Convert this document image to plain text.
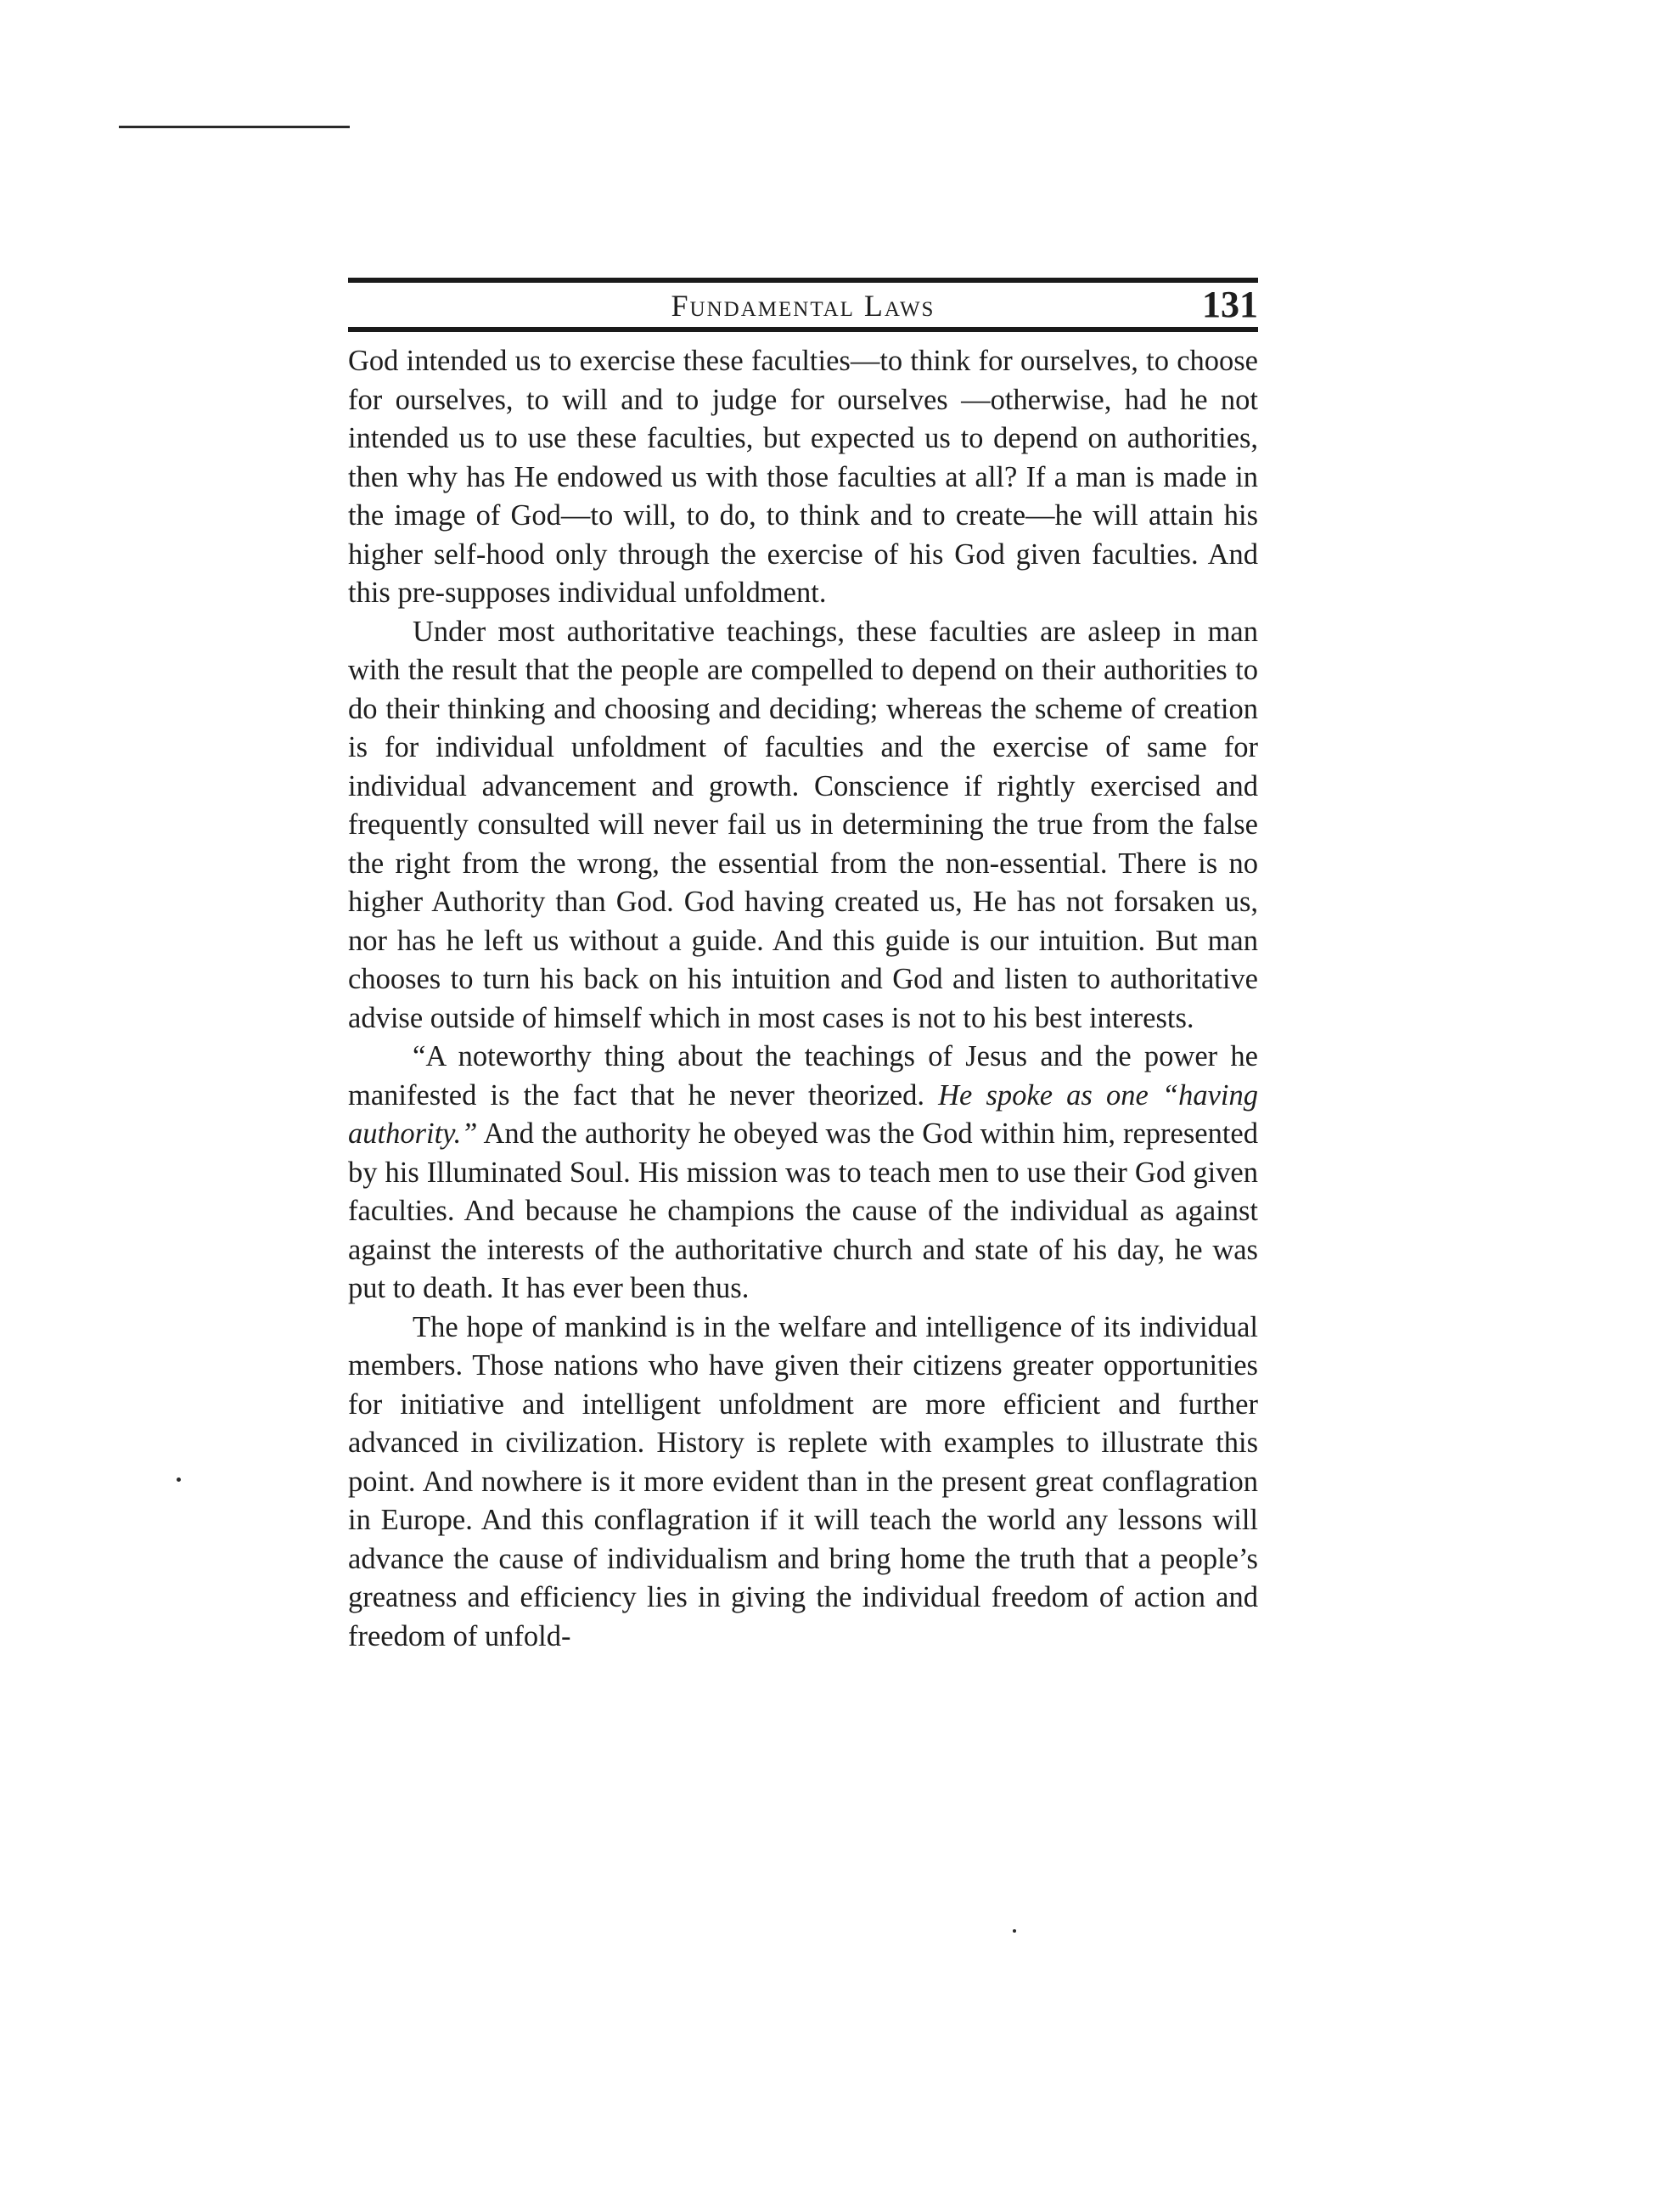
Fundamental Laws	131

God intended us to exercise these faculties—to think for ourselves, to choose for ourselves, to will and to judge for ourselves —otherwise, had he not intended us to use these faculties, but expected us to depend on authorities, then why has He endowed us with those faculties at all? If a man is made in the image of God—to will, to do, to think and to create—he will attain his higher self-hood only through the exercise of his God given faculties. And this pre-supposes individual unfoldment.

Under most authoritative teachings, these faculties are asleep in man with the result that the people are compelled to depend on their authorities to do their thinking and choosing and deciding; whereas the scheme of creation is for individual unfoldment of faculties and the exercise of same for individual advancement and growth. Conscience if rightly exercised and frequently consulted will never fail us in determining the true from the false the right from the wrong, the essential from the non-essential. There is no higher Authority than God. God having created us, He has not forsaken us, nor has he left us without a guide. And this guide is our intuition. But man chooses to turn his back on his intuition and God and listen to authoritative advise outside of himself which in most cases is not to his best interests.

“A noteworthy thing about the teachings of Jesus and the power he manifested is the fact that he never theorized. He spoke as one “having authority.” And the authority he obeyed was the God within him, represented by his Illuminated Soul. His mission was to teach men to use their God given faculties. And because he champions the cause of the individual as against against the interests of the authoritative church and state of his day, he was put to death. It has ever been thus.

The hope of mankind is in the welfare and intelligence of its individual members. Those nations who have given their citizens greater opportunities for initiative and intelligent unfoldment are more efficient and further advanced in civilization. History is replete with examples to illustrate this point. And nowhere is it more evident than in the present great conflagration in Europe. And this conflagration if it will teach the world any lessons will advance the cause of individualism and bring home the truth that a people’s greatness and efficiency lies in giving the individual freedom of action and freedom of unfold-
